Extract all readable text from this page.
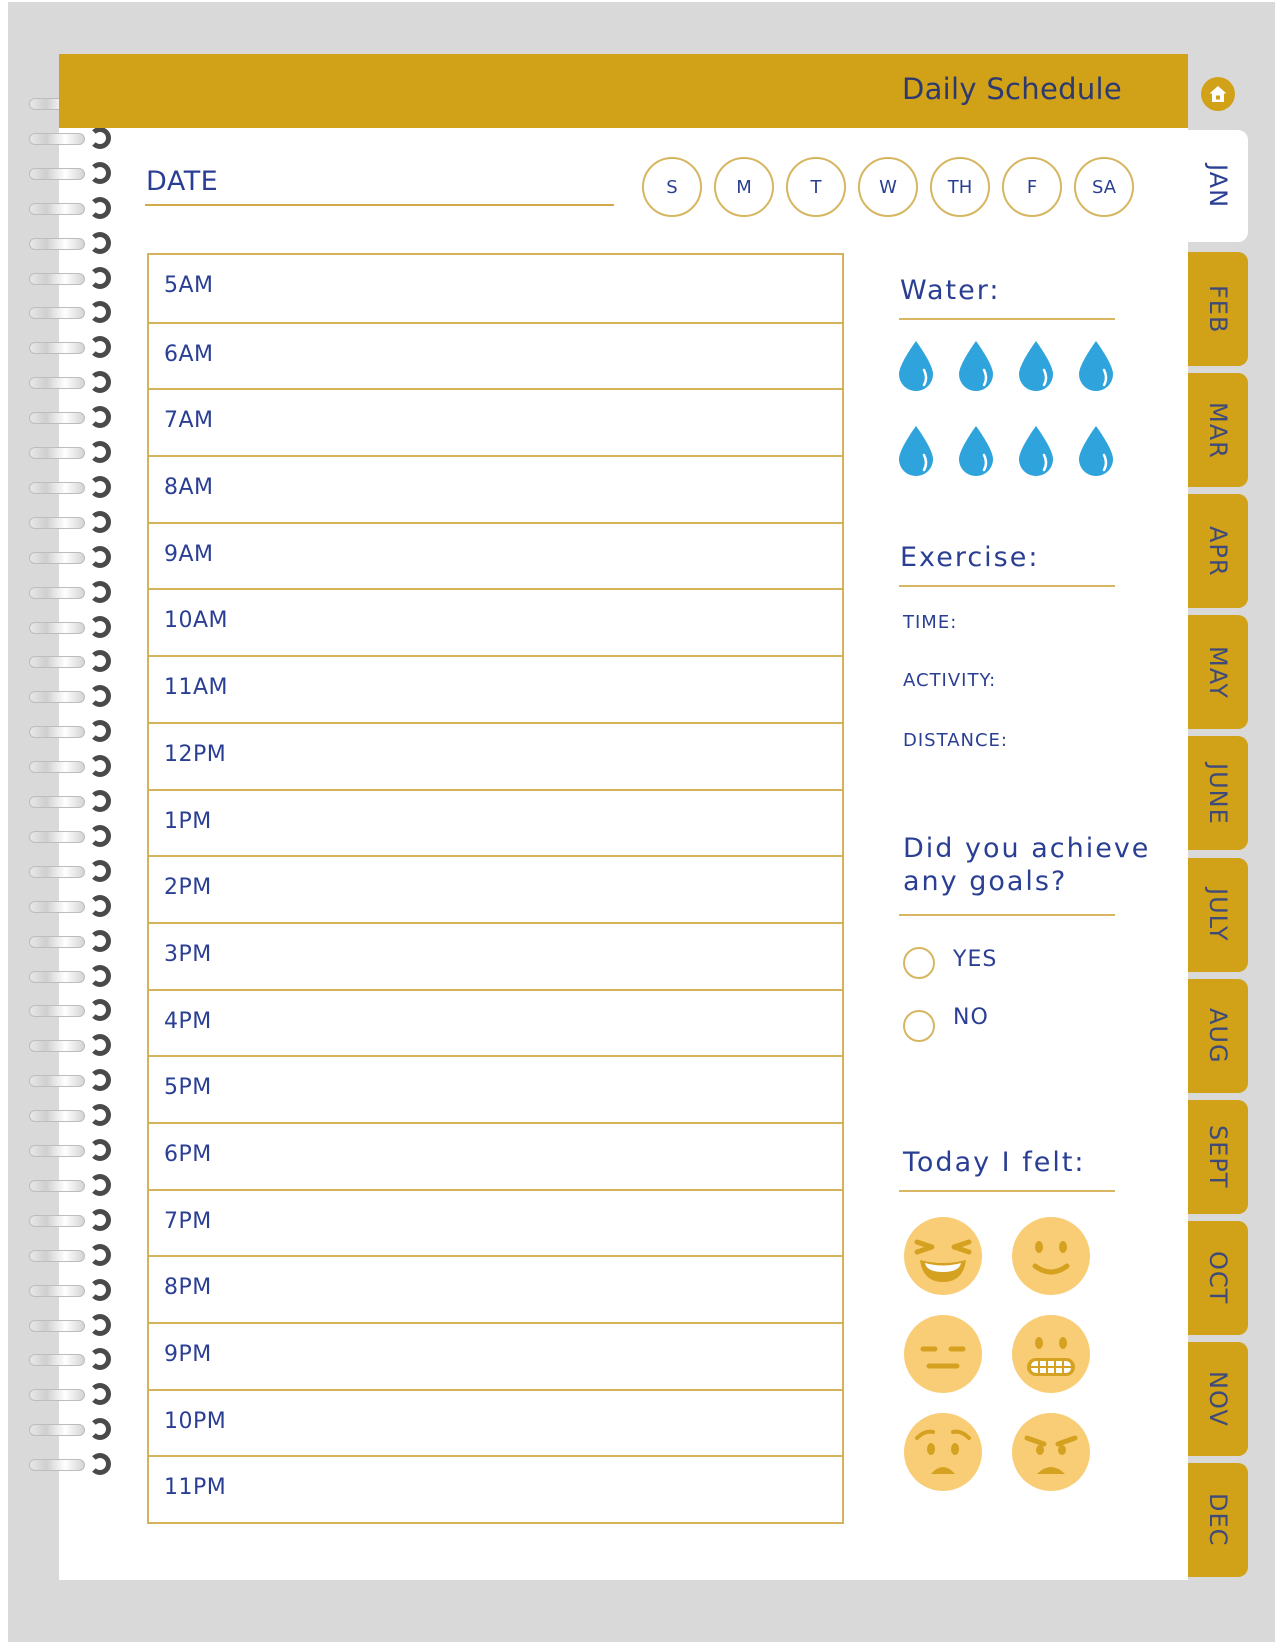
Daily Schedule
DATE	S	M	T	W	TH	F	SA
5AM
6AM
7AM
8AM
9AM
10AM
11AM
12PM
1PM
2PM
3PM
4PM
5PM
6PM
7PM
8PM
9PM
10PM
11PM
Water:
Exercise:
TIME:
ACTIVITY:
DISTANCE:
Did you achieve
any goals?
YES
NO
Today I felt:
JAN
FEB
MAR
APR
MAY
JUNE
JULY
AUG
SEPT
OCT
NOV
DEC
